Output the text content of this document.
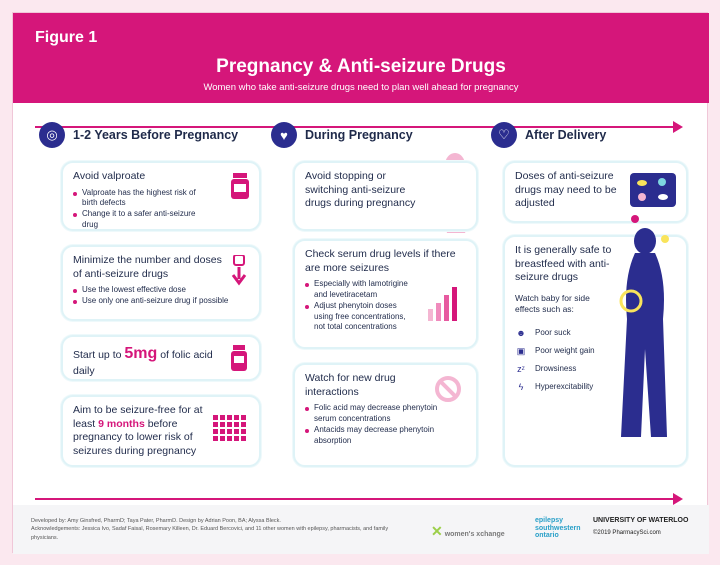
Figure 1
Pregnancy & Anti-seizure Drugs
Women who take anti-seizure drugs need to plan well ahead for pregnancy
◎	1-2 Years Before Pregnancy
Avoid valproate
Valproate has the highest risk of birth defects
Change it to a safer anti-seizure drug
Minimize the number and doses of anti-seizure drugs
Use the lowest effective dose
Use only one anti-seizure drug if possible
Start up to 5mg of folic acid daily
Aim to be seizure-free for at least 9 months before pregnancy to lower risk of seizures during pregnancy
♥	During Pregnancy
Avoid stopping or switching anti-seizure drugs during pregnancy
Check serum drug levels if there are more seizures
Especially with lamotrigine and levetiracetam
Adjust phenytoin doses using free concentrations, not total concentrations
Watch for new drug interactions
Folic acid may decrease phenytoin serum concentrations
Antacids may decrease phenytoin absorption
♡	After Delivery
Doses of anti-seizure drugs may need to be adjusted
It is generally safe to breastfeed with anti-seizure drugs
Watch baby for side effects such as:
☻ Poor suck
▣ Poor weight gain
zᶻ Drowsiness
ϟ	Hyperexcitability
Developed by: Amy Ginsfred, PharmD; Taya Pater, PharmD. Design by Adrian Poon, BA; Alyssa Bleck.
Acknowledgements: Jessica Ivo, Sadaf Faisal, Rosemary Killeen, Dr. Eduard Bercovici, and 11 other women with epilepsy, pharmacists, and family physicians.	✕ women's xchange
epilepsy southwestern ontario
UNIVERSITY OF WATERLOO
©2019 PharmacySci.com
